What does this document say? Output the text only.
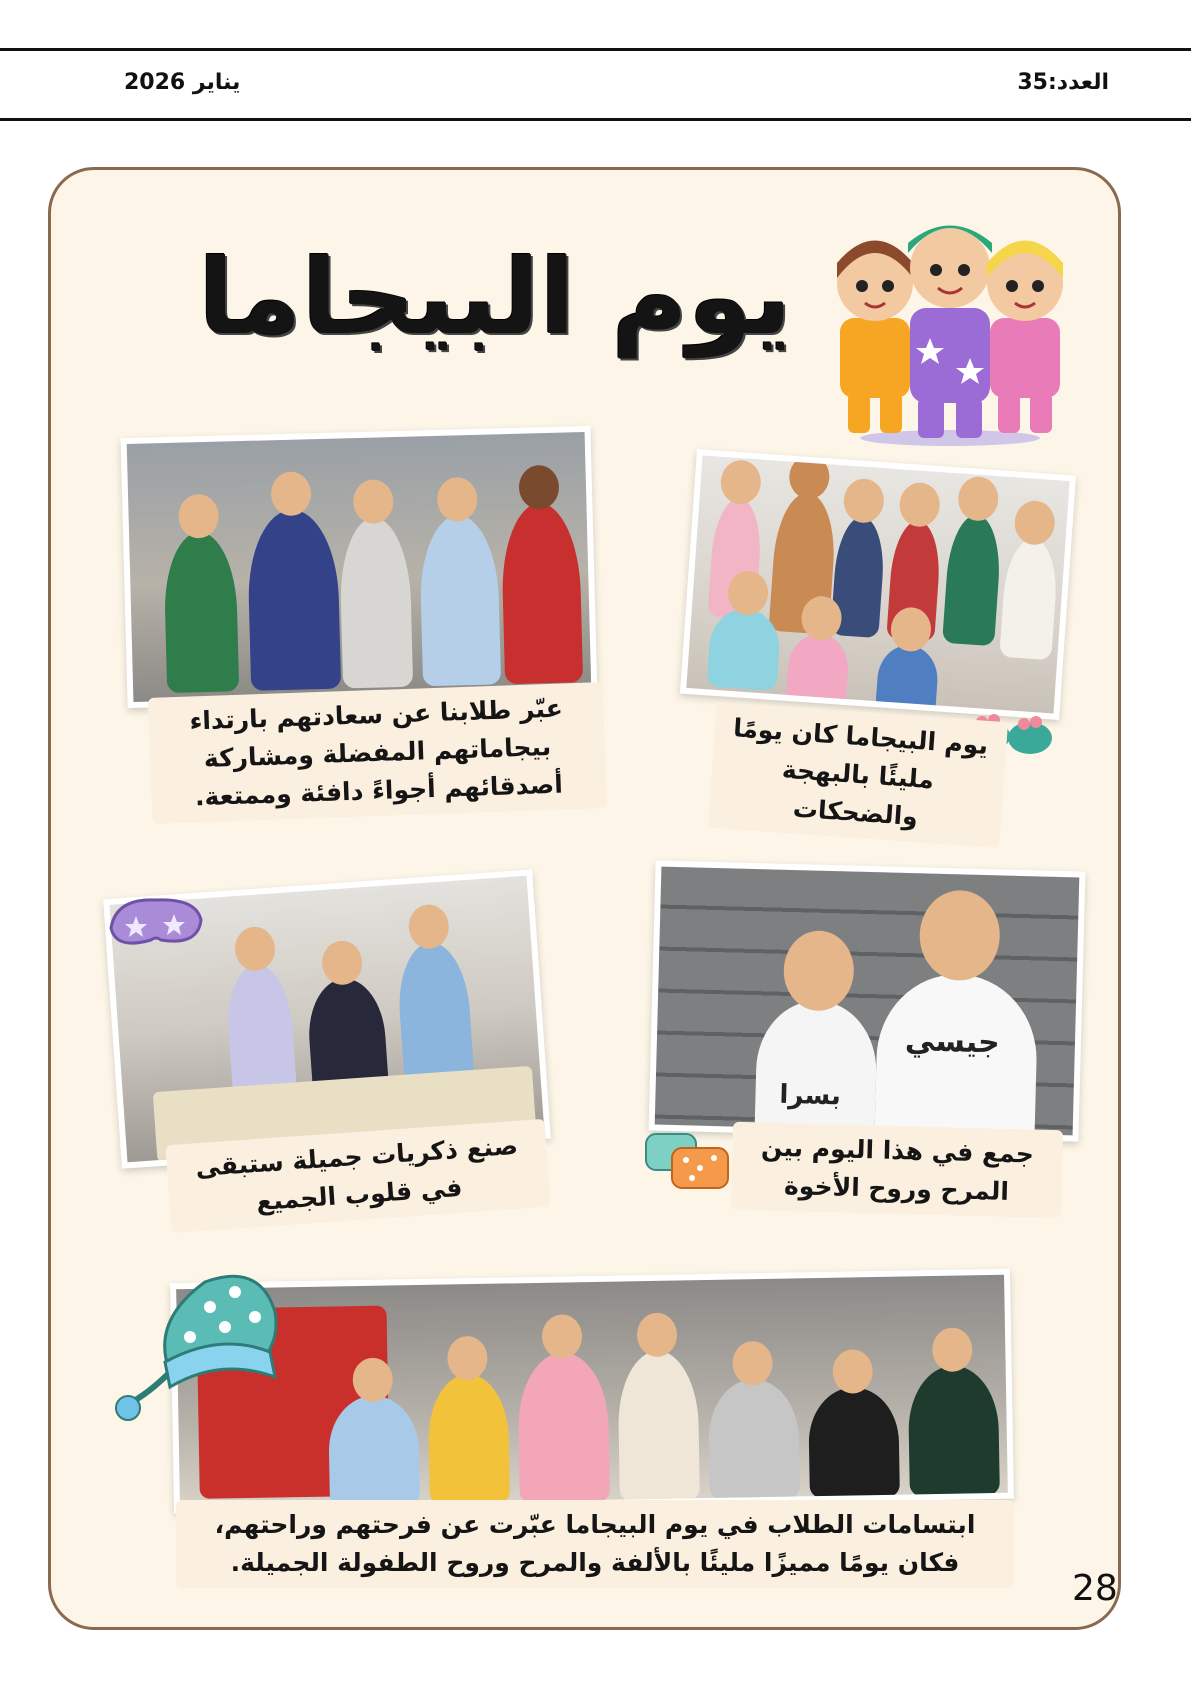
العدد:35
يناير 2026
يوم البيجاما
عبّر طلابنا عن سعادتهم بارتداء بيجاماتهم المفضلة ومشاركة أصدقائهم أجواءً دافئة وممتعة.
يوم البيجاما كان يومًا مليئًا بالبهجة والضحكات
صنع ذكريات جميلة ستبقى في قلوب الجميع
بسرا
جيسي
جمع في هذا اليوم بين المرح وروح الأخوة
ابتسامات الطلاب في يوم البيجاما عبّرت عن فرحتهم وراحتهم، فكان يومًا مميزًا مليئًا بالألفة والمرح وروح الطفولة الجميلة.
28
